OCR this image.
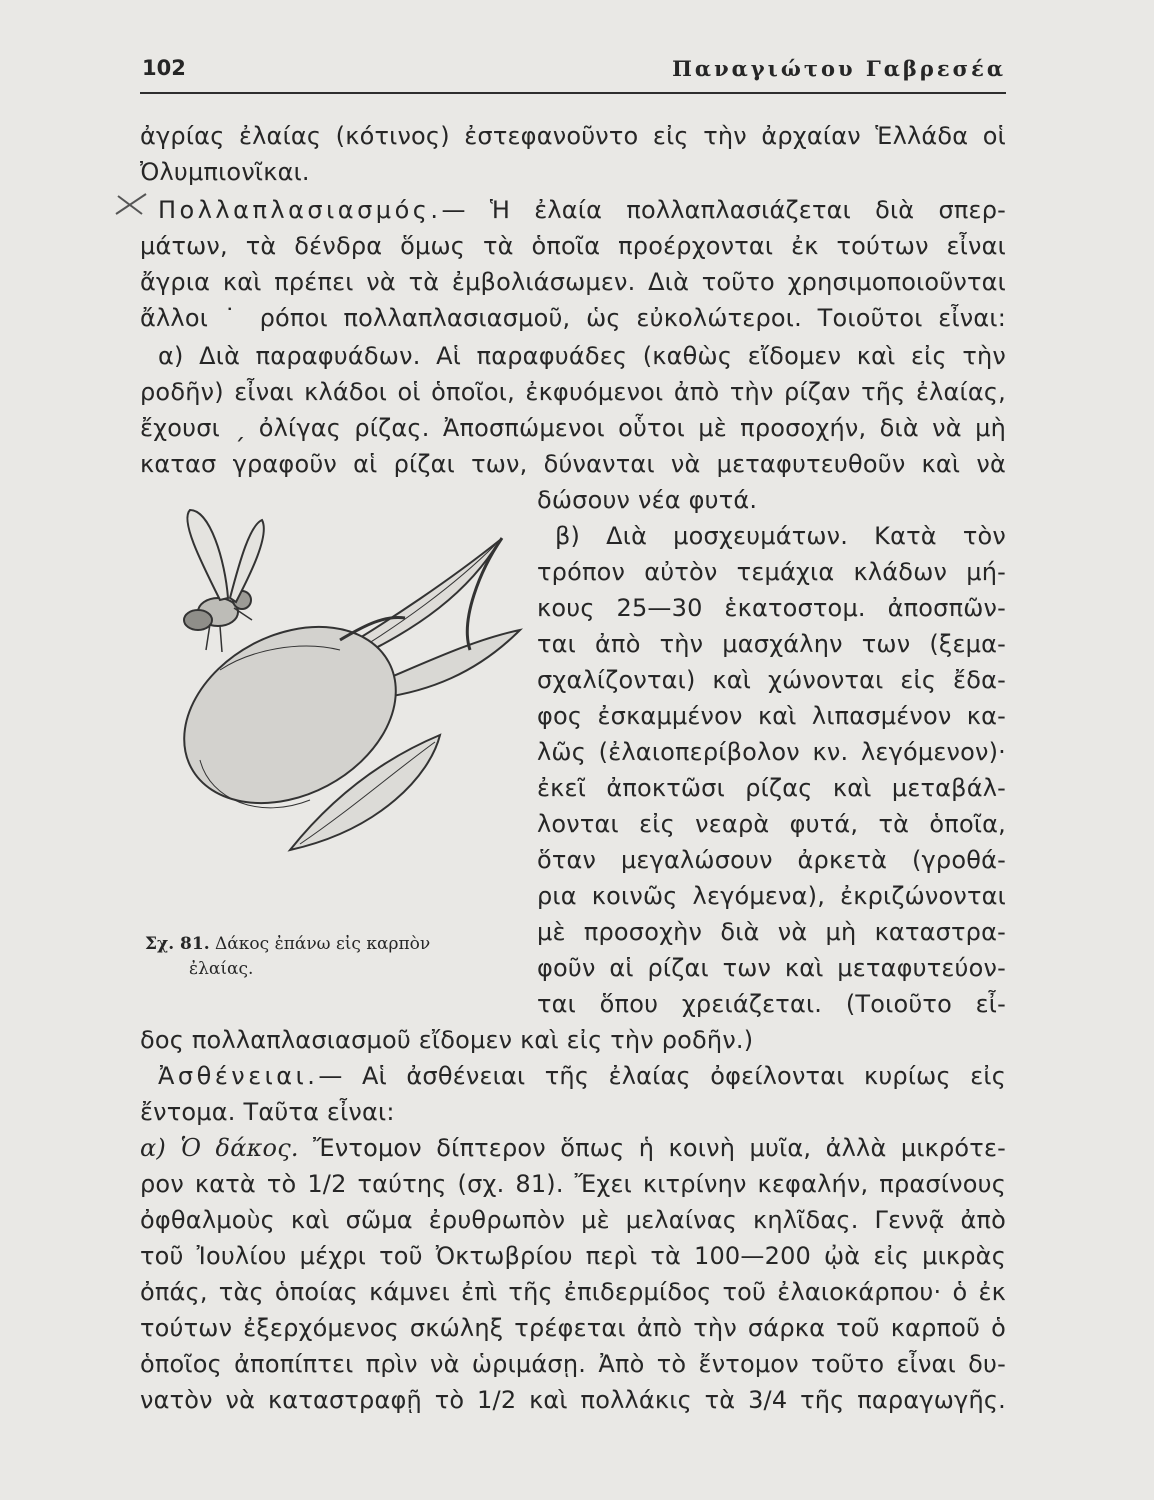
102	Παναγιώτου Γαβρεσέα
ἀγρίας ἐλαίας (κότινος) ἐστεφανοῦντο εἰς τὴν ἀρχαίαν Ἑλλάδα οἱ
Ὀλυμπιονῖκαι.
Πολλαπλασιασμός.— Ἡ ἐλαία πολλαπλασιάζεται διὰ σπερ-
μάτων, τὰ δένδρα ὅμως τὰ ὁποῖα προέρχονται ἐκ τούτων εἶναι
ἄγρια καὶ πρέπει νὰ τὰ ἐμβολιάσωμεν. Διὰ τοῦτο χρησιμοποιοῦνται
ἄλλοι ˙ ρόποι πολλαπλασιασμοῦ, ὡς εὐκολώτεροι. Τοιοῦτοι εἶναι:
α) Διὰ παραφυάδων. Αἱ παραφυάδες (καθὼς εἴδομεν καὶ εἰς τὴν
ροδῆν) εἶναι κλάδοι οἱ ὁποῖοι, ἐκφυόμενοι ἀπὸ τὴν ρίζαν τῆς ἐλαίας,
ἔχουσι ˏ ὀλίγας ρίζας. Ἀποσπώμενοι οὗτοι μὲ προσοχήν, διὰ νὰ μὴ
κατασ γραφοῦν αἱ ρίζαι των, δύνανται νὰ μεταφυτευθοῦν καὶ νὰ
δώσουν νέα φυτά.
β) Διὰ μοσχευμάτων. Κατὰ τὸν
τρόπον αὐτὸν τεμάχια κλάδων μή-
κους 25—30 ἑκατοστομ. ἀποσπῶν-
ται ἀπὸ τὴν μασχάλην των (ξεμα-
σχαλίζονται) καὶ χώνονται εἰς ἔδα-
φος ἐσκαμμένον καὶ λιπασμένον κα-
λῶς (ἐλαιοπερίβολον κν. λεγόμενον)·
ἐκεῖ ἀποκτῶσι ρίζας καὶ μεταβάλ-
λονται εἰς νεαρὰ φυτά, τὰ ὁποῖα,
ὅταν μεγαλώσουν ἀρκετὰ (γροθά-
ρια κοινῶς λεγόμενα), ἐκριζώνονται
μὲ προσοχὴν διὰ νὰ μὴ καταστρα-
φοῦν αἱ ρίζαι των καὶ μεταφυτεύον-
ται ὅπου χρειάζεται. (Τοιοῦτο εἶ-
δος πολλαπλασιασμοῦ εἴδομεν καὶ εἰς τὴν ροδῆν.)
Ἀσθένειαι.— Αἱ ἀσθένειαι τῆς ἐλαίας ὀφείλονται κυρίως εἰς
ἔντομα. Ταῦτα εἶναι:
α) Ὁ δάκος. Ἔντομον δίπτερον ὅπως ἡ κοινὴ μυῖα, ἀλλὰ μικρότε-
ρον κατὰ τὸ 1/2 ταύτης (σχ. 81). Ἔχει κιτρίνην κεφαλήν, πρασίνους
ὀφθαλμοὺς καὶ σῶμα ἐρυθρωπὸν μὲ μελαίνας κηλῖδας. Γεννᾷ ἀπὸ
τοῦ Ἰουλίου μέχρι τοῦ Ὀκτωβρίου περὶ τὰ 100—200 ᾠὰ εἰς μικρὰς
ὀπάς, τὰς ὁποίας κάμνει ἐπὶ τῆς ἐπιδερμίδος τοῦ ἐλαιοκάρπου· ὁ ἐκ
τούτων ἐξερχόμενος σκώληξ τρέφεται ἀπὸ τὴν σάρκα τοῦ καρποῦ ὁ
ὁποῖος ἀποπίπτει πρὶν νὰ ὡριμάσῃ. Ἀπὸ τὸ ἔντομον τοῦτο εἶναι δυ-
νατὸν νὰ καταστραφῇ τὸ 1/2 καὶ πολλάκις τὰ 3/4 τῆς παραγωγῆς.
Σχ. 81. Δάκος ἐπάνω εἰς καρπὸν
ἐλαίας.
